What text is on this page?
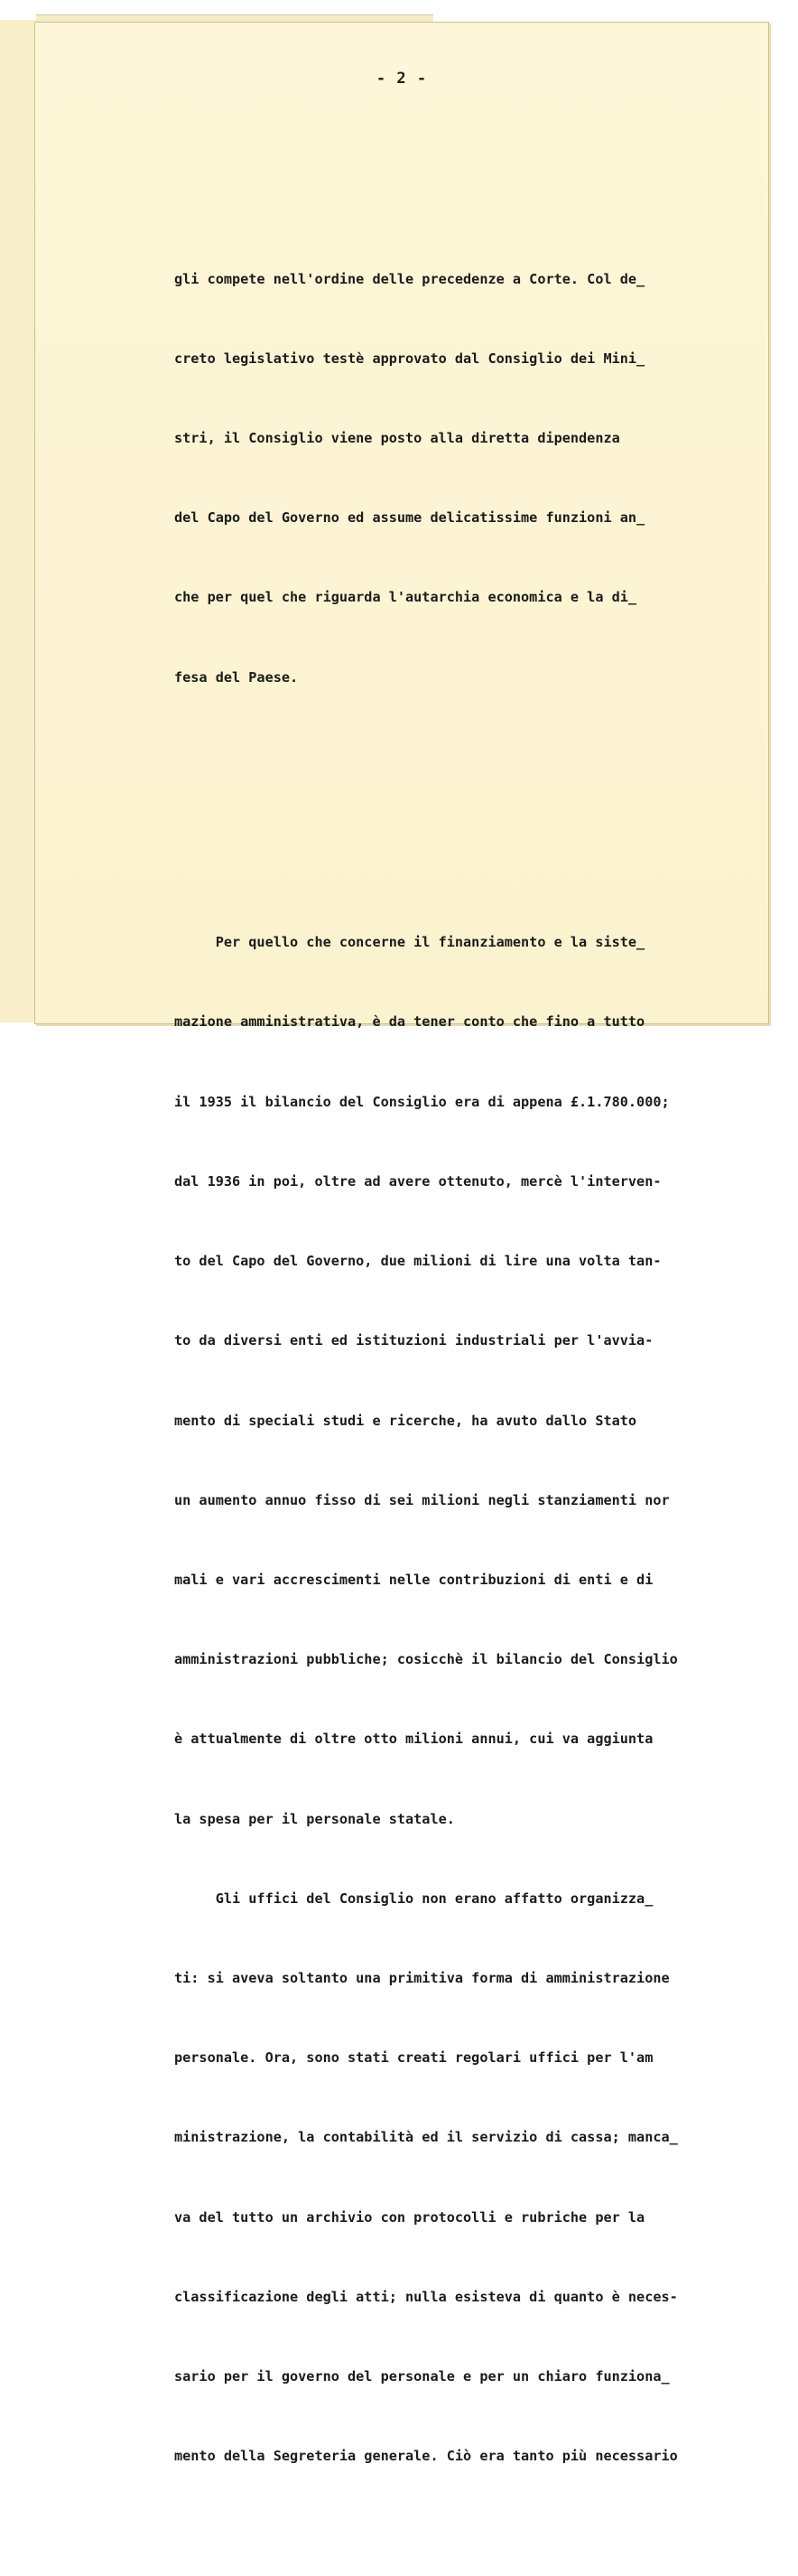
- 2 -

gli compete nell'ordine delle precedenze a Corte. Col de_

creto legislativo testè approvato dal Consiglio dei Mini_

stri, il Consiglio viene posto alla diretta dipendenza

del Capo del Governo ed assume delicatissime funzioni an_

che per quel che riguarda l'autarchia economica e la di_

fesa del Paese.

Per quello che concerne il finanziamento e la siste_

mazione amministrativa, è da tener conto che fino a tutto

il 1935 il bilancio del Consiglio era di appena £.1.780.000;

dal 1936 in poi, oltre ad avere ottenuto, mercè l'interven-

to del Capo del Governo, due milioni di lire una volta tan-

to da diversi enti ed istituzioni industriali per l'avvia-

mento di speciali studi e ricerche, ha avuto dallo Stato

un aumento annuo fisso di sei milioni negli stanziamenti nor

mali e vari accrescimenti nelle contribuzioni di enti e di

amministrazioni pubbliche; cosicchè il bilancio del Consiglio

è attualmente di oltre otto milioni annui, cui va aggiunta

la spesa per il personale statale.

Gli uffici del Consiglio non erano affatto organizza_

ti: si aveva soltanto una primitiva forma di amministrazione

personale. Ora, sono stati creati regolari uffici per l'am

ministrazione, la contabilità ed il servizio di cassa; manca_

va del tutto un archivio con protocolli e rubriche per la

classificazione degli atti; nulla esisteva di quanto è neces-

sario per il governo del personale e per un chiaro funziona_

mento della Segreteria generale. Ciò era tanto più necessario
